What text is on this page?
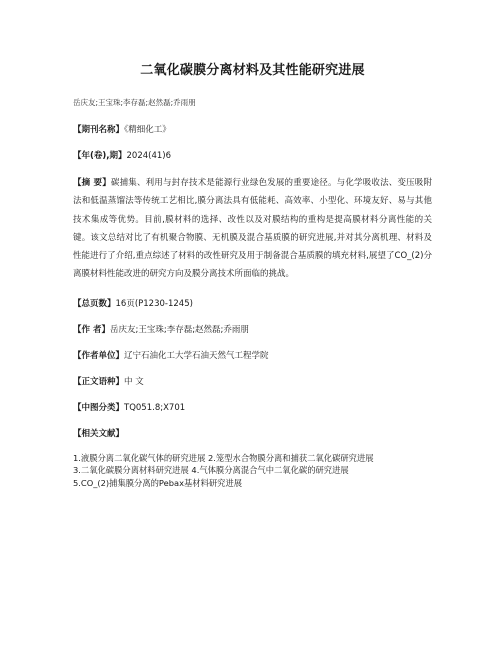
二氧化碳膜分离材料及其性能研究进展
岳庆友;王宝珠;李存磊;赵然磊;乔雨朋
【期刊名称】《精细化工》
【年(卷),期】2024(41)6
【摘 要】碳捕集、利用与封存技术是能源行业绿色发展的重要途径。与化学吸收法、变压吸附法和低温蒸馏法等传统工艺相比,膜分离法具有低能耗、高效率、小型化、环境友好、易与其他技术集成等优势。目前,膜材料的选择、改性以及对膜结构的重构是提高膜材料分离性能的关键。该文总结对比了有机聚合物膜、无机膜及混合基质膜的研究进展,并对其分离机理、材料及性能进行了介绍,重点综述了材料的改性研究及用于制备混合基质膜的填充材料,展望了CO_(2)分离膜材料性能改进的研究方向及膜分离技术所面临的挑战。
【总页数】16页(P1230-1245)
【作 者】岳庆友;王宝珠;李存磊;赵然磊;乔雨朋
【作者单位】辽宁石油化工大学石油天然气工程学院
【正文语种】中 文
【中图分类】TQ051.8;X701
【相关文献】
1.液膜分离二氧化碳气体的研究进展 2.笼型水合物膜分离和捕获二氧化碳研究进展
3.二氧化碳膜分离材料研究进展 4.气体膜分离混合气中二氧化碳的研究进展
5.CO_(2)捕集膜分离的Pebax基材料研究进展
